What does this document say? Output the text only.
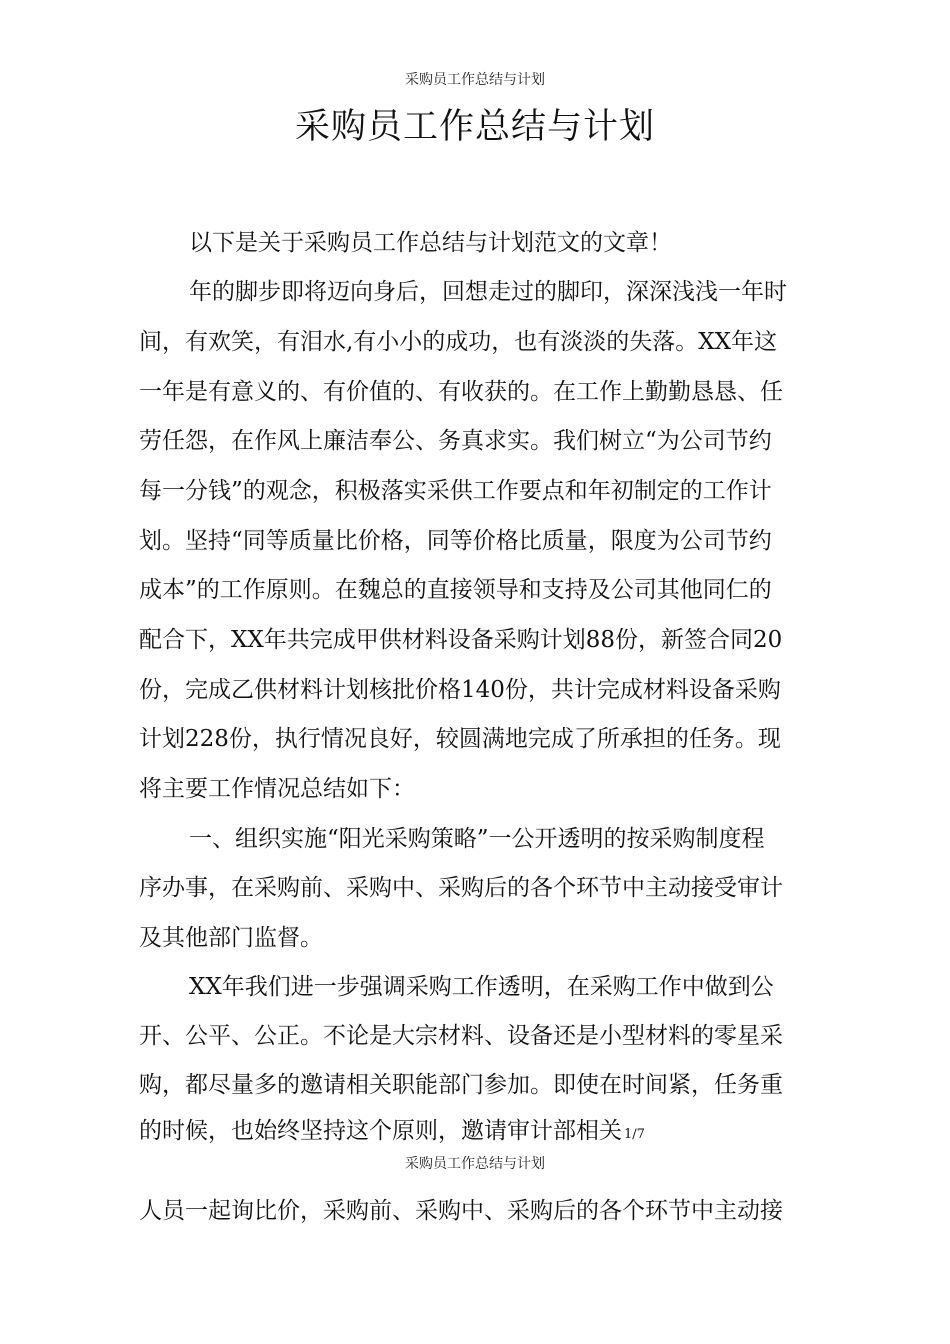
采购员工作总结与计划
采购员工作总结与计划
以下是关于采购员工作总结与计划范文的文章！
年的脚步即将迈向身后，回想走过的脚印，深深浅浅一年时
间，有欢笑，有泪水,有小小的成功，也有淡淡的失落。XX年这
一年是有意义的、有价值的、有收获的。在工作上勤勤恳恳、任
劳任怨，在作风上廉洁奉公、务真求实。我们树立“为公司节约
每一分钱”的观念，积极落实采供工作要点和年初制定的工作计
划。坚持“同等质量比价格，同等价格比质量，限度为公司节约
成本”的工作原则。在魏总的直接领导和支持及公司其他同仁的
配合下，XX年共完成甲供材料设备采购计划88份，新签合同20
份，完成乙供材料计划核批价格140份，共计完成材料设备采购
计划228份，执行情况良好，较圆满地完成了所承担的任务。现
将主要工作情况总结如下：
一、组织实施“阳光采购策略”一公开透明的按采购制度程
序办事，在采购前、采购中、采购后的各个环节中主动接受审计
及其他部门监督。
XX年我们进一步强调采购工作透明，在采购工作中做到公
开、公平、公正。不论是大宗材料、设备还是小型材料的零星采
购，都尽量多的邀请相关职能部门参加。即使在时间紧，任务重
的时候，也始终坚持这个原则，邀请审计部相关 1/7
采购员工作总结与计划
人员一起询比价，采购前、采购中、采购后的各个环节中主动接
